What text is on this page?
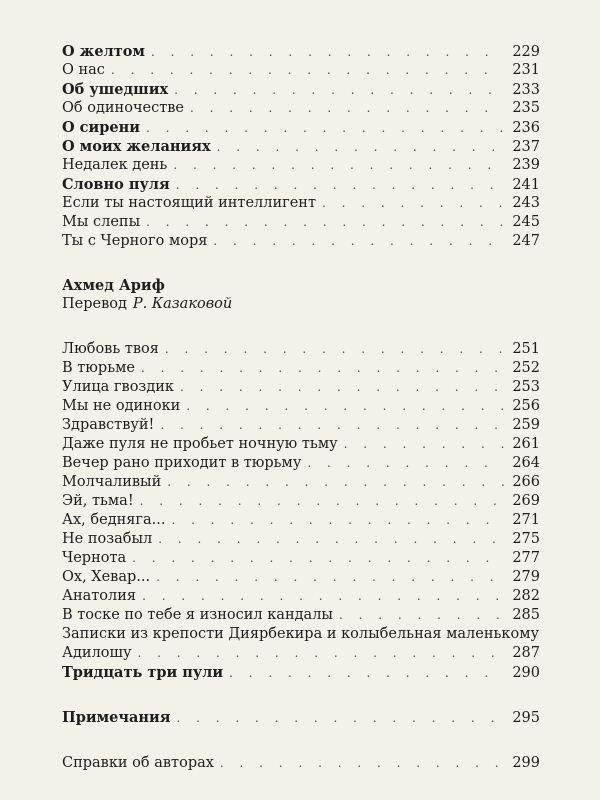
О желтом . . .	229
О нас . . .	231
Об ушедших . . .	233
Об одиночестве . . .	235
О сирени . . .	236
О моих желаниях . . .	237
Недалек день . . .	239
Словно пуля . . .	241
Если ты настоящий интеллигент . . .	243
Мы слепы . . .	245
Ты с Черного моря . . .	247
Ахмед Ариф
Перевод Р. Казаковой
Любовь твоя . . .	251
В тюрьме . . .	252
Улица гвоздик . . .	253
Мы не одиноки . . .	256
Здравствуй! . . .	259
Даже пуля не пробьет ночную тьму . . .	261
Вечер рано приходит в тюрьму . . .	264
Молчаливый . . .	266
Эй, тьма! . . .	269
Ах, бедняга... . . .	271
Не позабыл . . .	275
Чернота . . .	277
Ох, Хевар... . . .	279
Анатолия . . .	282
В тоске по тебе я износил кандалы . . .	285
Записки из крепости Диярбекира и колыбельная маленькому
Адилошу . . .	287
Тридцать три пули . . .	290
Примечания . . .	295
Справки об авторах . . .	299
